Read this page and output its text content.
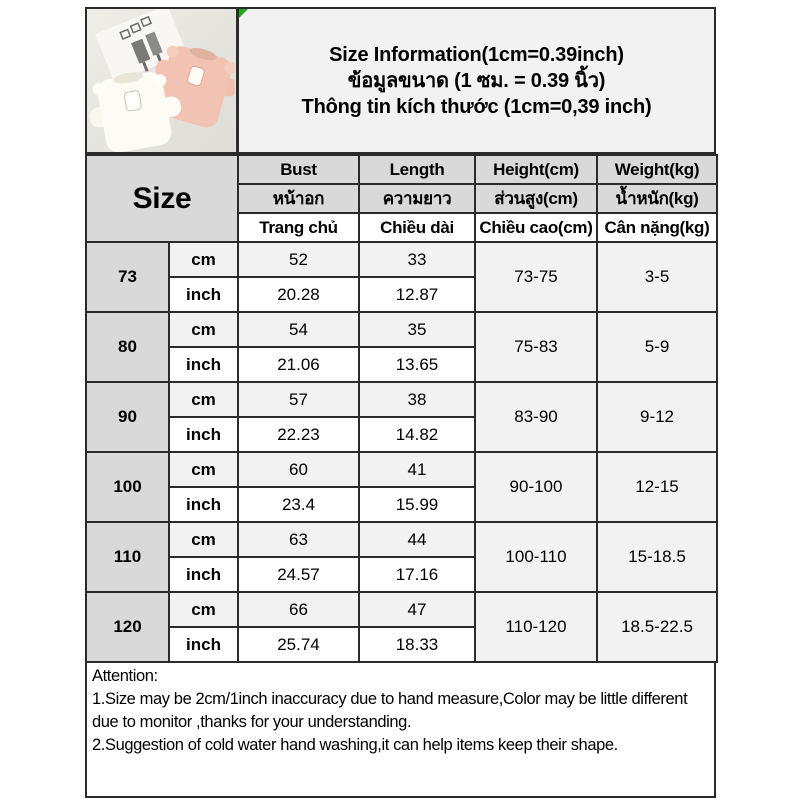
Size Information(1cm=0.39inch)
ข้อมูลขนาด (1 ซม. = 0.39 นิ้ว)
Thông tin kích thước (1cm=0,39 inch)
Size		Bust	Length	Height(cm)	Weight(kg)
		หน้าอก	ความยาว	ส่วนสูง(cm)	น้ำหนัก(kg)
		Trang chủ	Chiều dài	Chiều cao(cm)	Cân nặng(kg)
73	cm	52	33	73-75	3-5
	inch	20.28	12.87		
80	cm	54	35	75-83	5-9
	inch	21.06	13.65		
90	cm	57	38	83-90	9-12
	inch	22.23	14.82		
100	cm	60	41	90-100	12-15
	inch	23.4	15.99		
110	cm	63	44	100-110	15-18.5
	inch	24.57	17.16		
120	cm	66	47	110-120	18.5-22.5
	inch	25.74	18.33		
Attention:
1.Size may be 2cm/1inch inaccuracy due to hand measure,Color may be little different due to monitor ,thanks for your understanding.
2.Suggestion of cold water hand washing,it can help items keep their shape.
